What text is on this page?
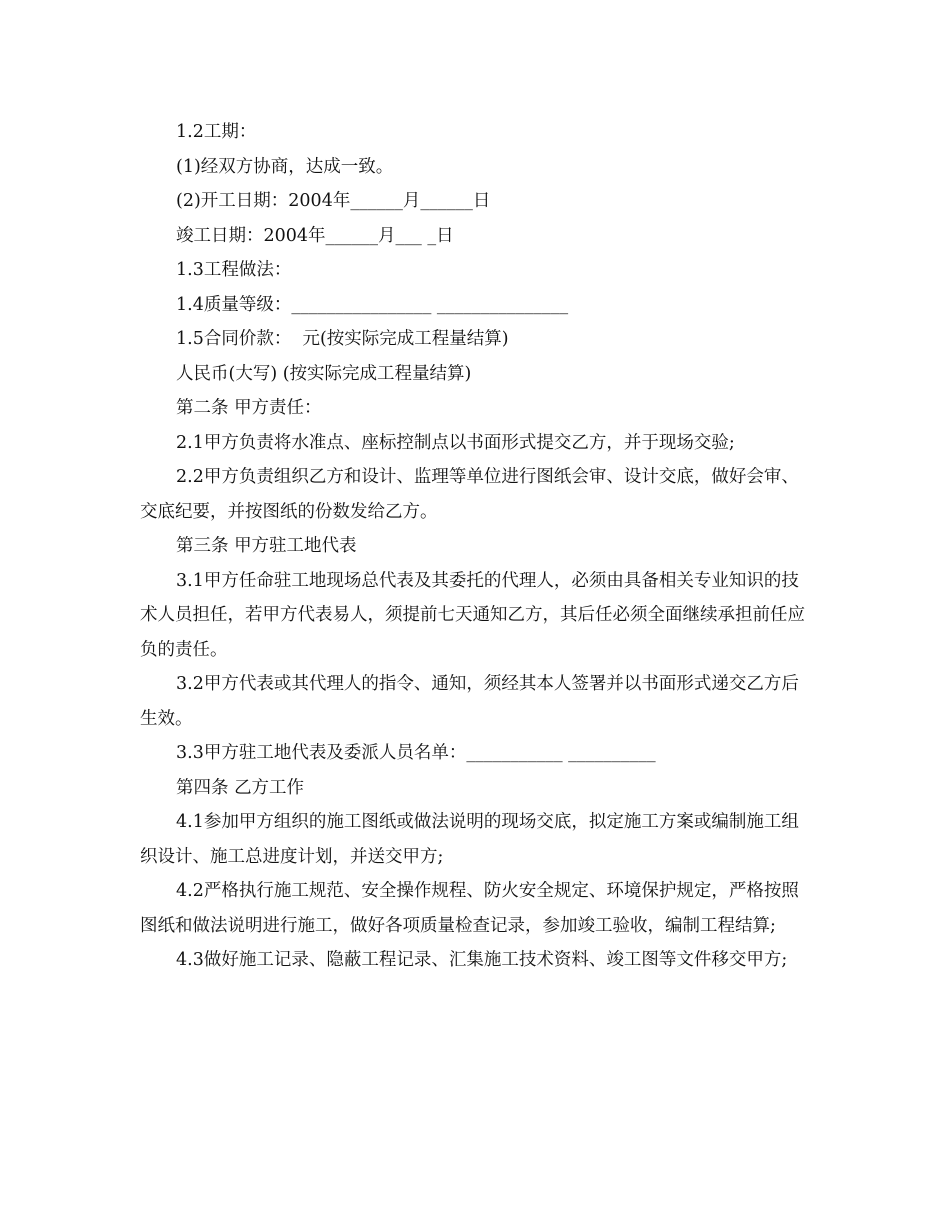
1.2工期：

(1)经双方协商，达成一致。

(2)开工日期：2004年______月______日

竣工日期：2004年______月___ _日

1.3工程做法：

1.4质量等级：________________ _______________

1.5合同价款：  元(按实际完成工程量结算)

人民币(大写) (按实际完成工程量结算)

第二条 甲方责任：

2.1甲方负责将水准点、座标控制点以书面形式提交乙方，并于现场交验;

2.2甲方负责组织乙方和设计、监理等单位进行图纸会审、设计交底，做好会审、交底纪要，并按图纸的份数发给乙方。

第三条 甲方驻工地代表

3.1甲方任命驻工地现场总代表及其委托的代理人，必须由具备相关专业知识的技术人员担任，若甲方代表易人，须提前七天通知乙方，其后任必须全面继续承担前任应负的责任。

3.2甲方代表或其代理人的指令、通知，须经其本人签署并以书面形式递交乙方后生效。

3.3甲方驻工地代表及委派人员名单：___________ __________

第四条 乙方工作

4.1参加甲方组织的施工图纸或做法说明的现场交底，拟定施工方案或编制施工组织设计、施工总进度计划，并送交甲方;

4.2严格执行施工规范、安全操作规程、防火安全规定、环境保护规定，严格按照图纸和做法说明进行施工，做好各项质量检查记录，参加竣工验收，编制工程结算;

4.3做好施工记录、隐蔽工程记录、汇集施工技术资料、竣工图等文件移交甲方;
